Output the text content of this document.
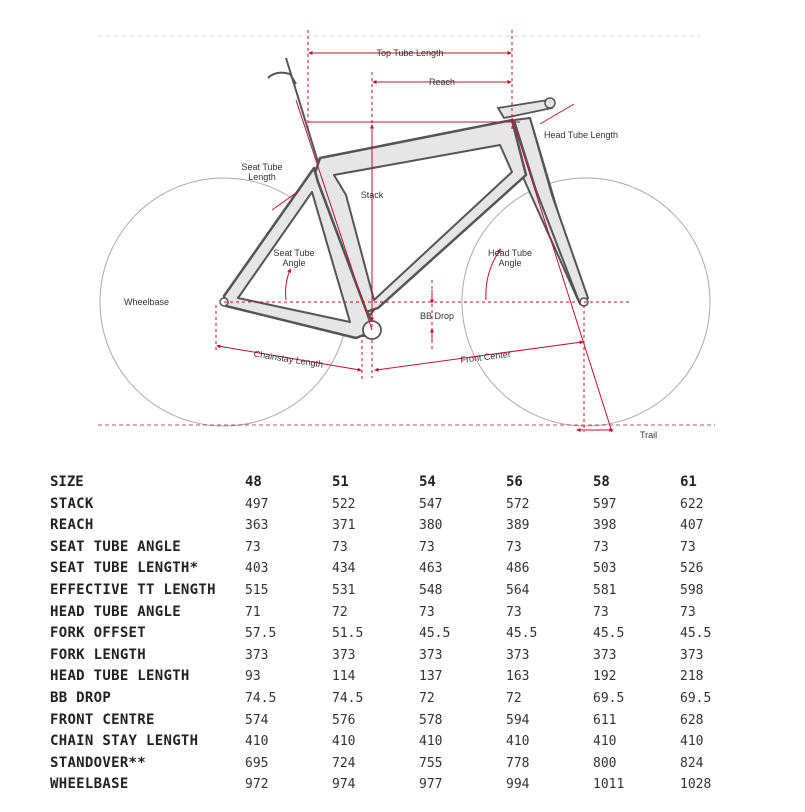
Top Tube Length
Reach
Head Tube Length
Seat Tube
Length
Stack
Seat Tube
Angle
Head Tube
Angle
Wheelbase
BB Drop
Chainstay Length	Front Center
Trail
SIZE	48	51	54	56	58	61
STACK	497	522	547	572	597	622
REACH	363	371	380	389	398	407
SEAT TUBE ANGLE	73	73	73	73	73	73
SEAT TUBE LENGTH*	403	434	463	486	503	526
EFFECTIVE TT LENGTH	515	531	548	564	581	598
HEAD TUBE ANGLE	71	72	73	73	73	73
FORK OFFSET	57.5	51.5	45.5	45.5	45.5	45.5
FORK LENGTH	373	373	373	373	373	373
HEAD TUBE LENGTH	93	114	137	163	192	218
BB DROP	74.5	74.5	72	72	69.5	69.5
FRONT CENTRE	574	576	578	594	611	628
CHAIN STAY LENGTH	410	410	410	410	410	410
STANDOVER**	695	724	755	778	800	824
WHEELBASE	972	974	977	994	1011	1028
